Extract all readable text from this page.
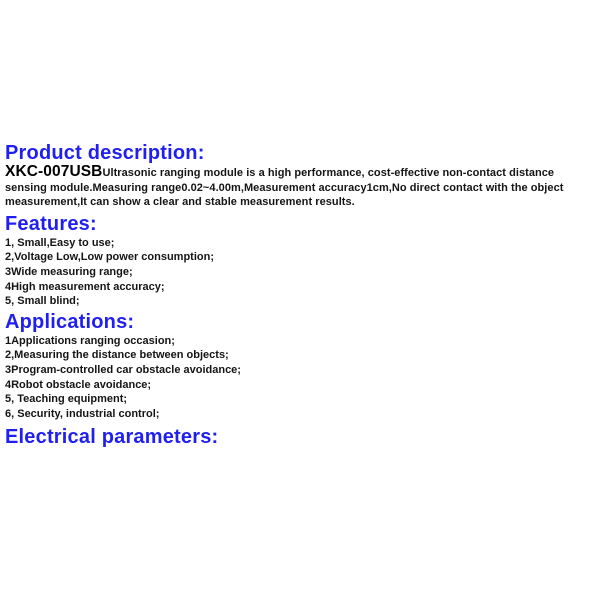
Product description:

XKC-007USBUltrasonic ranging module is a high performance, cost-effective non-contact distance sensing module.Measuring range0.02~4.00m,Measurement accuracy1cm,No direct contact with the object measurement,It can show a clear and stable measurement results.

Features:
1, Small,Easy to use;
2,Voltage Low,Low power consumption;
3Wide measuring range;
4High measurement accuracy;
5, Small blind;
Applications:
1Applications ranging occasion;
2,Measuring the distance between objects;
3Program-controlled car obstacle avoidance;
4Robot obstacle avoidance;
5, Teaching equipment;
6, Security, industrial control;
Electrical parameters:
